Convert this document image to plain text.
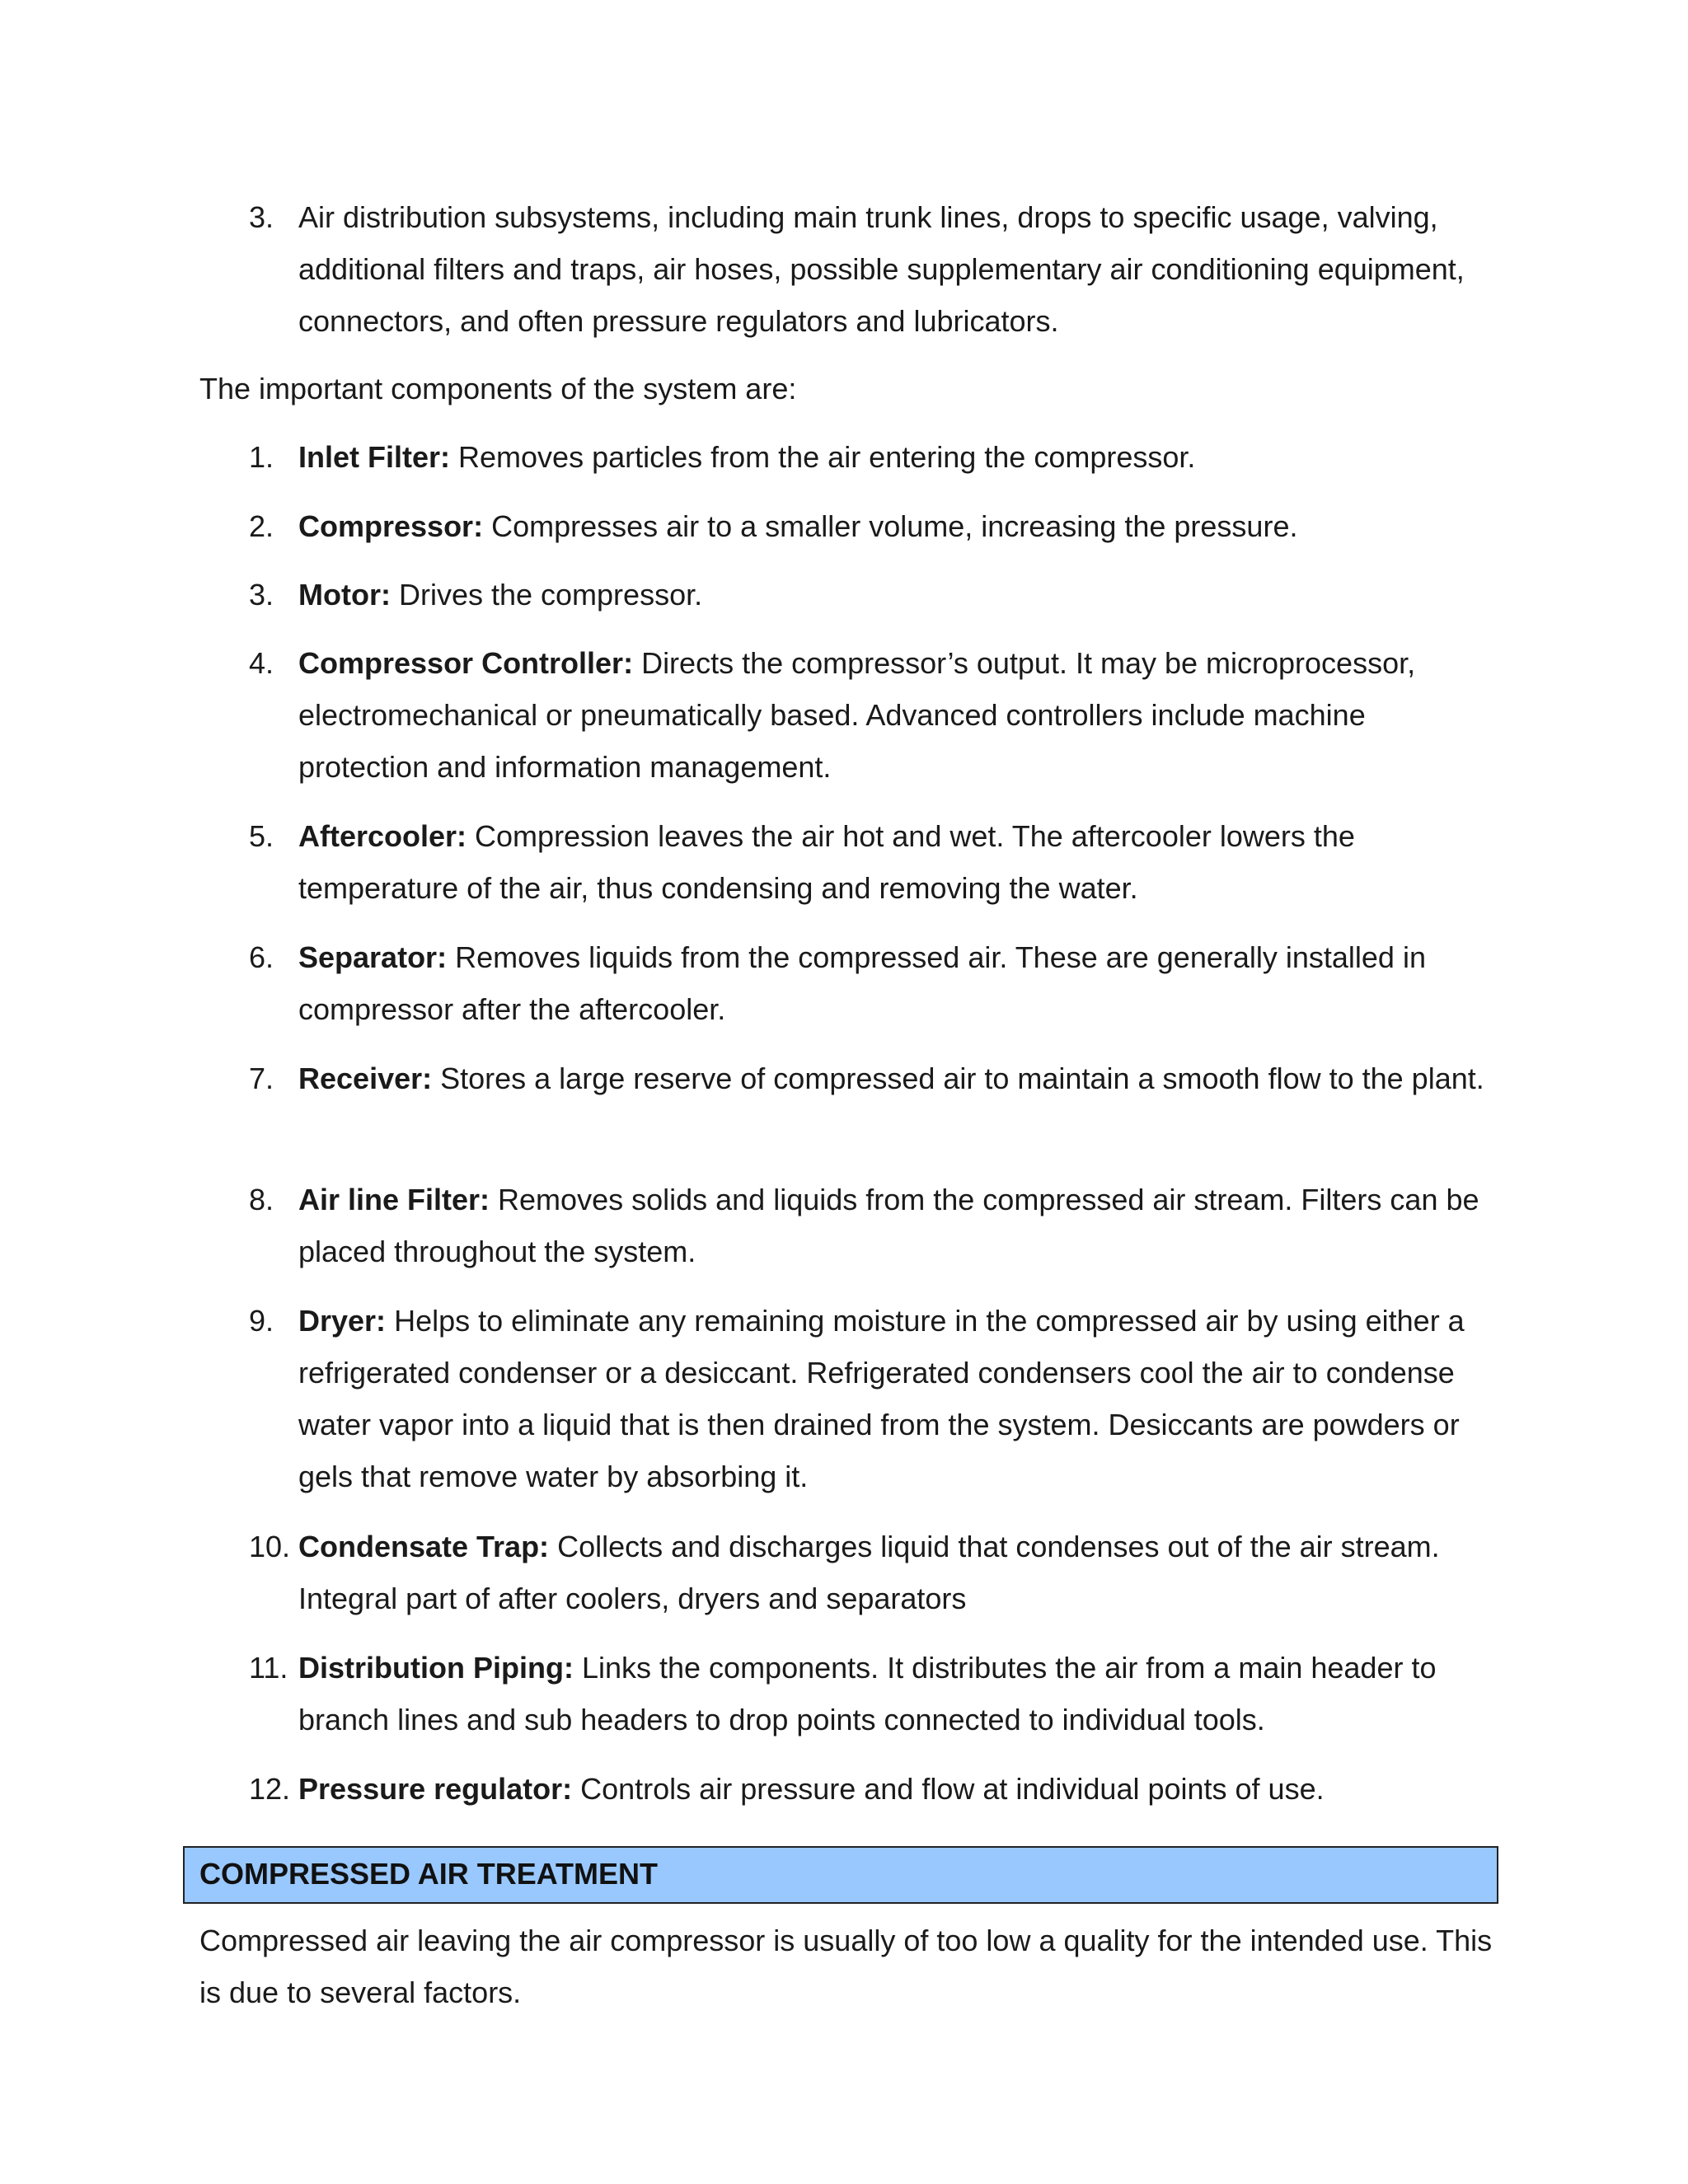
3. Air distribution subsystems, including main trunk lines, drops to specific usage, valving, additional filters and traps, air hoses, possible supplementary air conditioning equipment, connectors, and often pressure regulators and lubricators.

The important components of the system are:

1. Inlet Filter: Removes particles from the air entering the compressor.
2. Compressor: Compresses air to a smaller volume, increasing the pressure.
3. Motor: Drives the compressor.
4. Compressor Controller: Directs the compressor’s output. It may be microprocessor, electromechanical or pneumatically based. Advanced controllers include machine protection and information management.
5. Aftercooler: Compression leaves the air hot and wet. The aftercooler lowers the temperature of the air, thus condensing and removing the water.
6. Separator: Removes liquids from the compressed air. These are generally installed in compressor after the aftercooler.
7. Receiver: Stores a large reserve of compressed air to maintain a smooth flow to the plant.
8. Air line Filter: Removes solids and liquids from the compressed air stream. Filters can be placed throughout the system.
9. Dryer: Helps to eliminate any remaining moisture in the compressed air by using either a refrigerated condenser or a desiccant. Refrigerated condensers cool the air to condense water vapor into a liquid that is then drained from the system. Desiccants are powders or gels that remove water by absorbing it.
10. Condensate Trap: Collects and discharges liquid that condenses out of the air stream. Integral part of after coolers, dryers and separators
11. Distribution Piping: Links the components. It distributes the air from a main header to branch lines and sub headers to drop points connected to individual tools.
12. Pressure regulator: Controls air pressure and flow at individual points of use.
COMPRESSED AIR TREATMENT

Compressed air leaving the air compressor is usually of too low a quality for the intended use. This is due to several factors.
